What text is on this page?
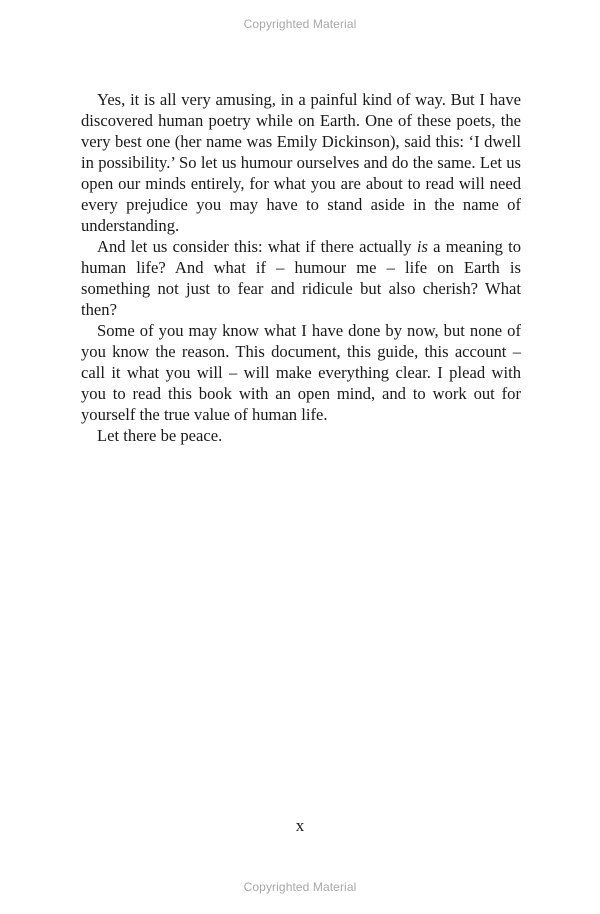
Copyrighted Material

Yes, it is all very amusing, in a painful kind of way. But I have discovered human poetry while on Earth. One of these poets, the very best one (her name was Emily Dickinson), said this: ‘I dwell in possibility.’ So let us humour ourselves and do the same. Let us open our minds entirely, for what you are about to read will need every prejudice you may have to stand aside in the name of understanding.

And let us consider this: what if there actually is a meaning to human life? And what if – humour me – life on Earth is something not just to fear and ridicule but also cherish? What then?

Some of you may know what I have done by now, but none of you know the reason. This document, this guide, this account – call it what you will – will make everything clear. I plead with you to read this book with an open mind, and to work out for yourself the true value of human life.

Let there be peace.

x
Copyrighted Material
